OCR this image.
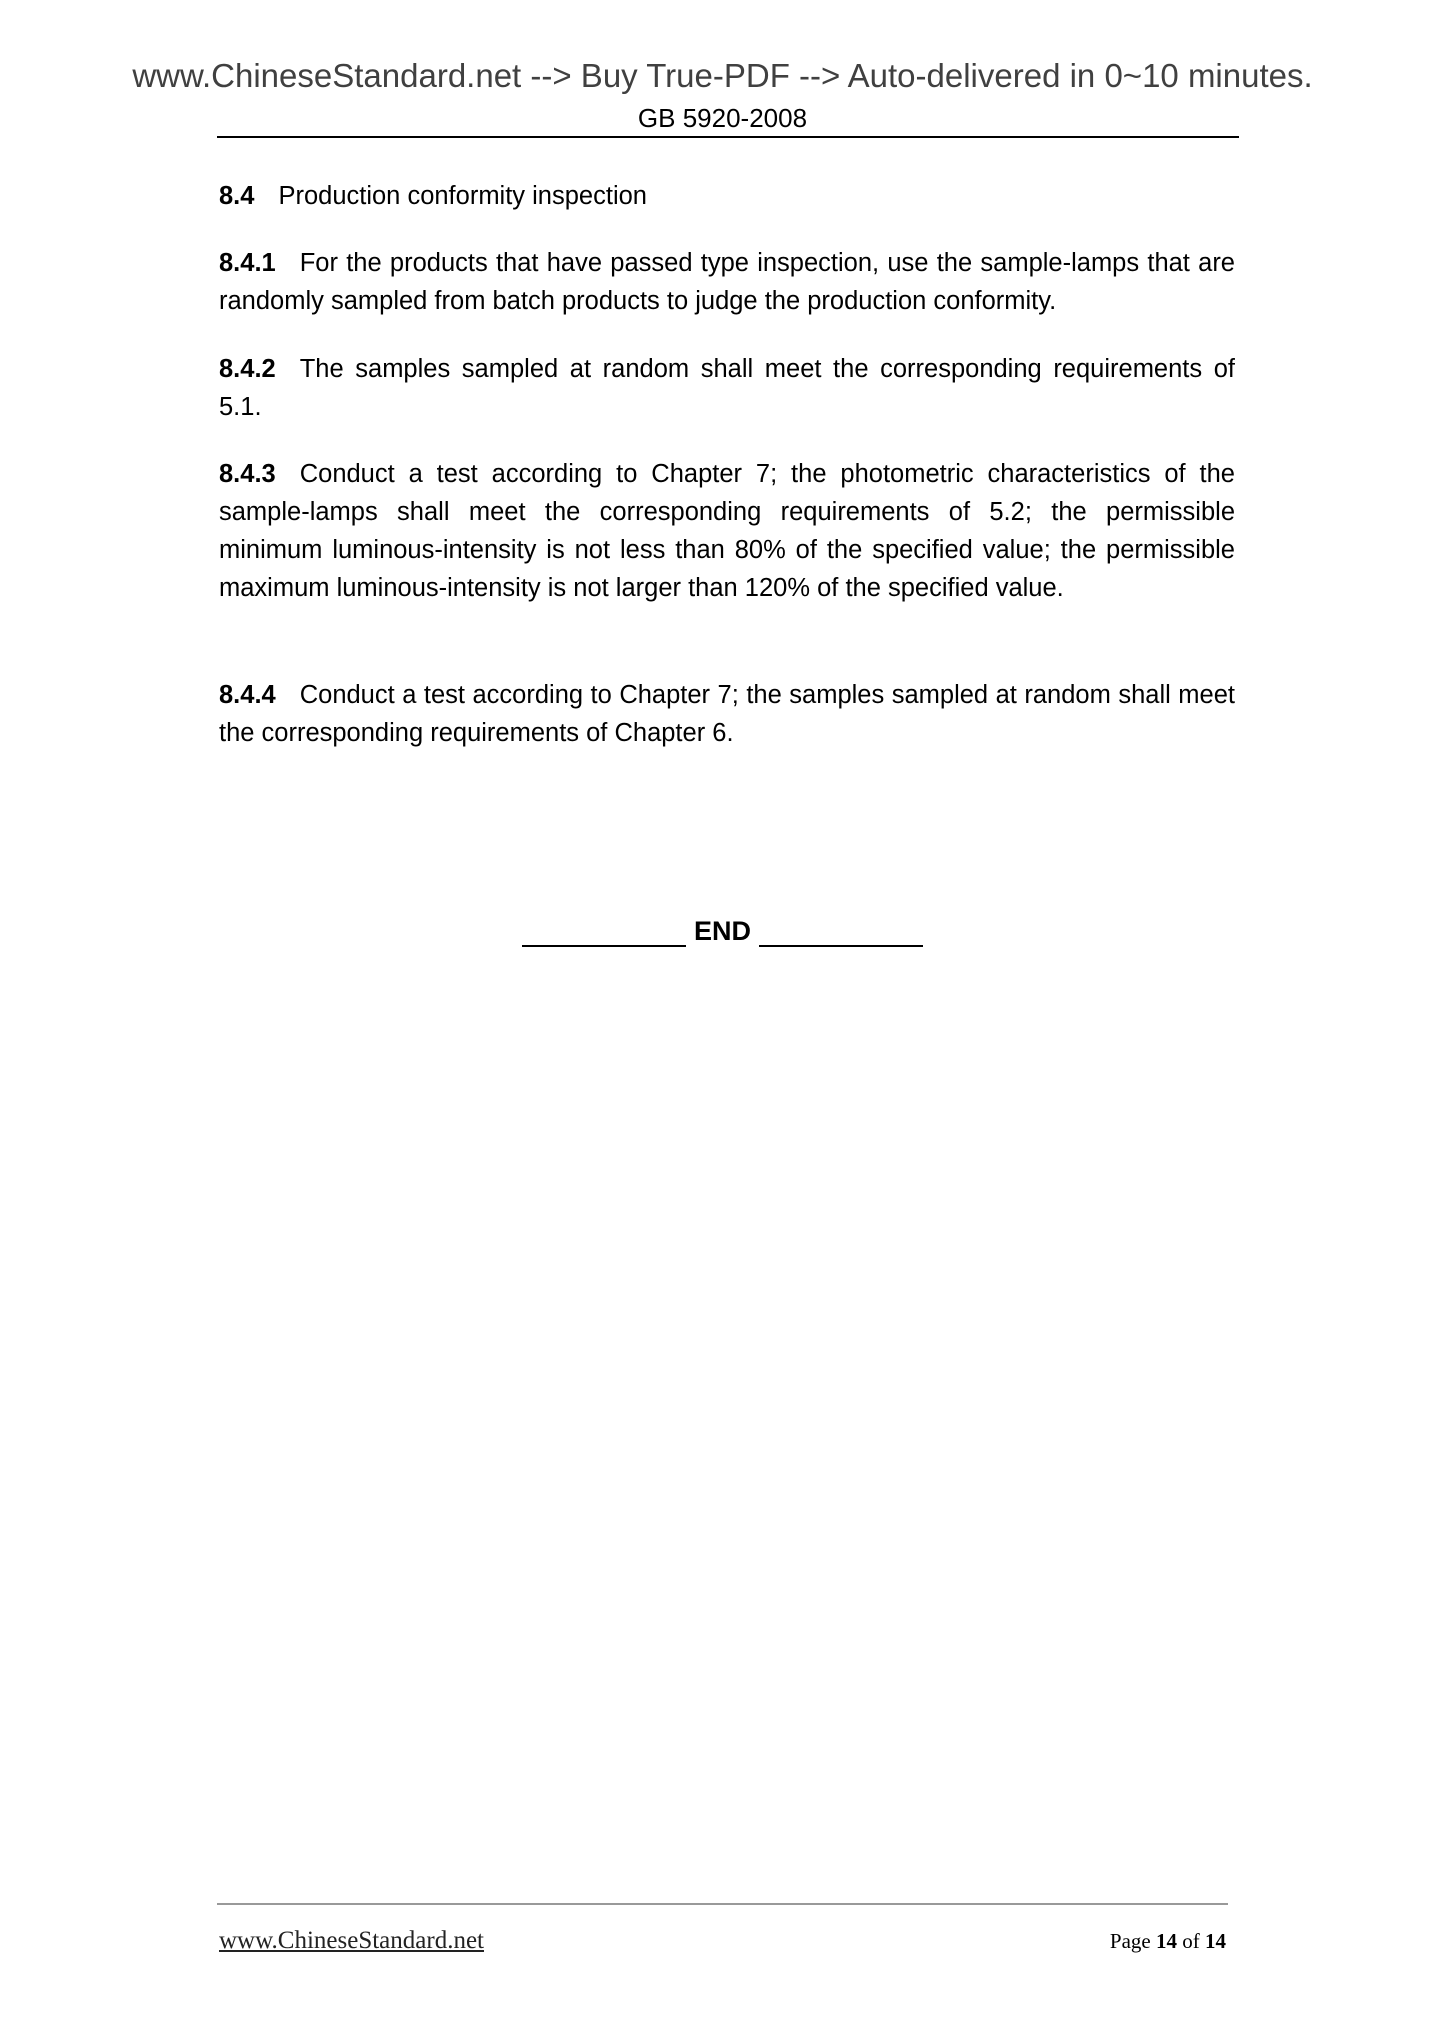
www.ChineseStandard.net --> Buy True-PDF --> Auto-delivered in 0~10 minutes.
GB 5920-2008
8.4 Production conformity inspection
8.4.1 For the products that have passed type inspection, use the sample-lamps that are randomly sampled from batch products to judge the production conformity.
8.4.2 The samples sampled at random shall meet the corresponding requirements of 5.1.
8.4.3 Conduct a test according to Chapter 7; the photometric characteristics of the sample-lamps shall meet the corresponding requirements of 5.2; the permissible minimum luminous-intensity is not less than 80% of the specified value; the permissible maximum luminous-intensity is not larger than 120% of the specified value.
8.4.4 Conduct a test according to Chapter 7; the samples sampled at random shall meet the corresponding requirements of Chapter 6.
END
www.ChineseStandard.net	Page 14 of 14
